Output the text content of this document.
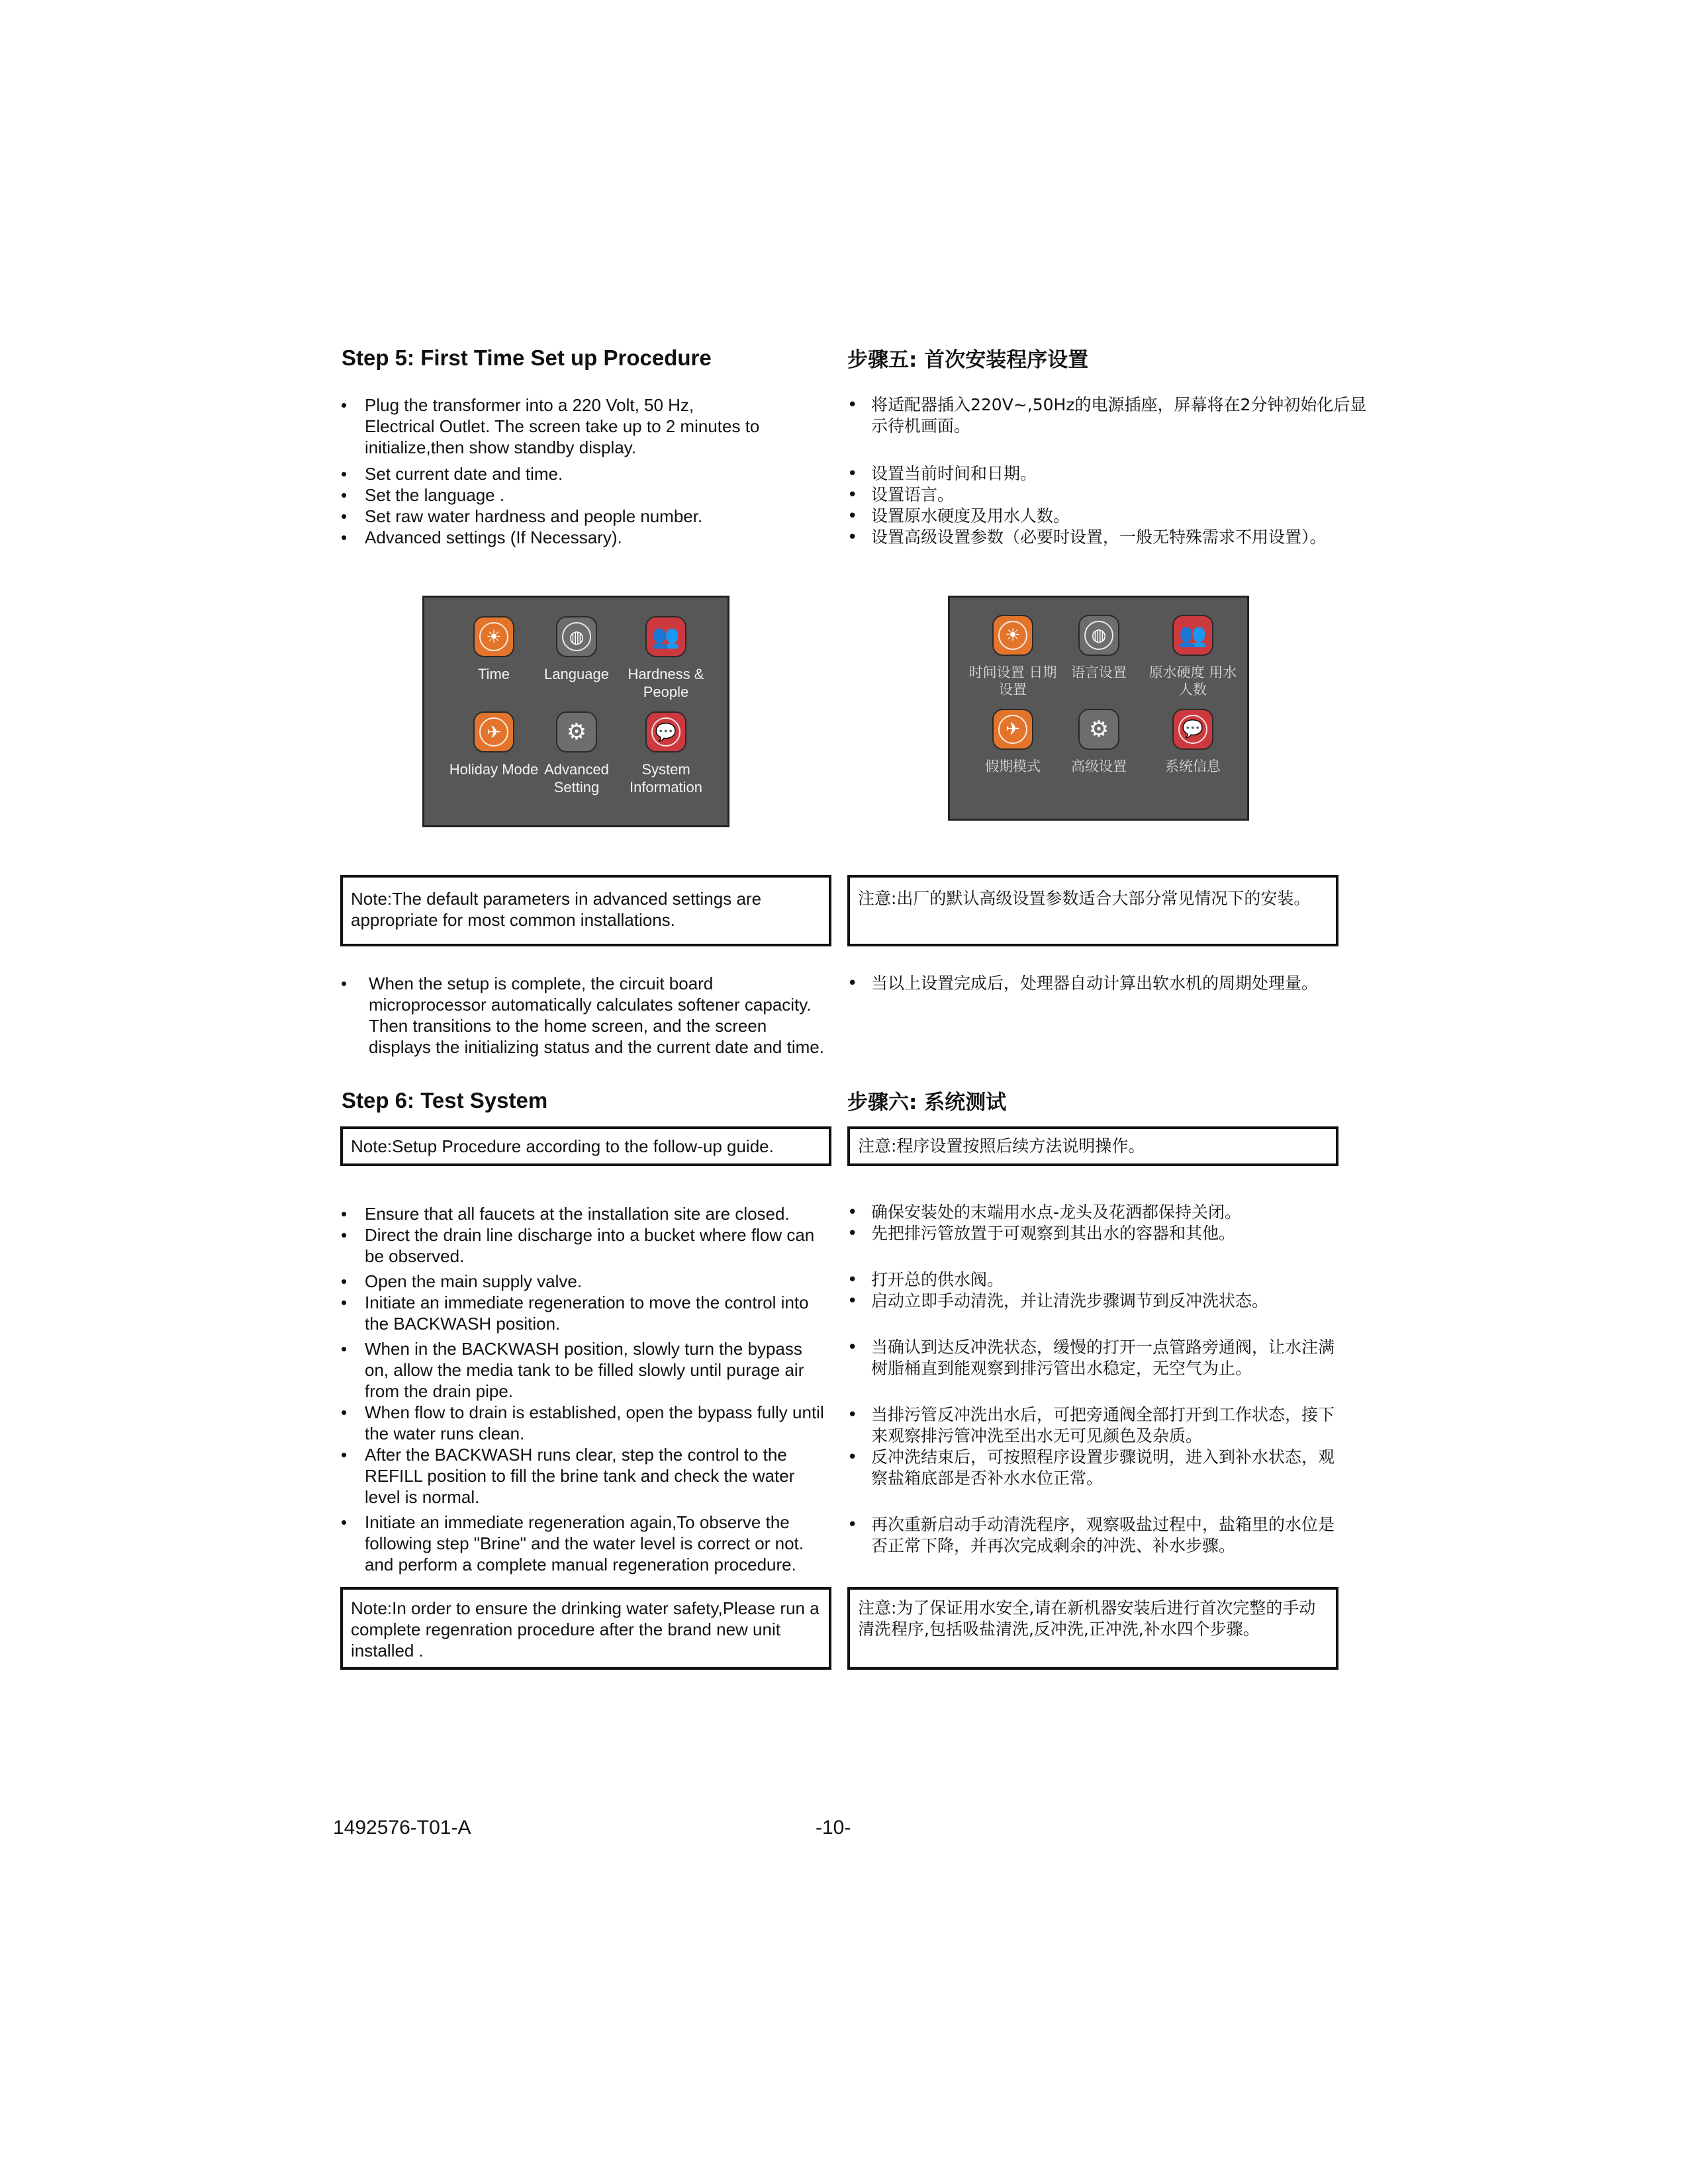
Step 5: First Time Set up Procedure	步骤五: 首次安装程序设置
• Plug the transformer into a 220 Volt, 50 Hz, Electrical Outlet. The screen take up to 2 minutes to initialize,then show standby display.
• Set current date and time.
• Set the language .
• Set raw water hardness and people number.
• Advanced settings (If Necessary).
• 将适配器插入220V~,50Hz的电源插座，屏幕将在2分钟初始化后显示待机画面。
• 设置当前时间和日期。
• 设置语言。
• 设置原水硬度及用水人数。
• 设置高级设置参数（必要时设置，一般无特殊需求不用设置）。
☀
Time
◍
Language
👥
Hardness & People
✈
Holiday Mode
⚙
Advanced Setting
💬
System Information
☀
时间设置 日期设置
◍
语言设置
👥
原水硬度 用水人数
✈
假期模式
⚙
高级设置
💬
系统信息
Note:The default parameters in advanced settings are appropriate for most common installations.
注意:出厂的默认高级设置参数适合大部分常见情况下的安装。
• When the setup is complete, the circuit board microprocessor automatically calculates softener capacity. Then transitions to the home screen, and the screen displays the initializing status and the current date and time.
• 当以上设置完成后，处理器自动计算出软水机的周期处理量。
Step 6: Test System	步骤六: 系统测试
Note:Setup Procedure according to the follow-up guide.	注意:程序设置按照后续方法说明操作。
• Ensure that all faucets at the installation site are closed.
• Direct the drain line discharge into a bucket where flow can be observed.
• Open the main supply valve.
• Initiate an immediate regeneration to move the control into the BACKWASH position.
• When in the BACKWASH position, slowly turn the bypass on, allow the media tank to be filled slowly until purage air from the drain pipe.
• When flow to drain is established, open the bypass fully until the water runs clean.
• After the BACKWASH runs clear, step the control to the REFILL position to fill the brine tank and check the water level is normal.
• Initiate an immediate regeneration again,To observe the following step "Brine" and the water level is correct or not. and perform a complete manual regeneration procedure.
• 确保安装处的末端用水点-龙头及花洒都保持关闭。
• 先把排污管放置于可观察到其出水的容器和其他。
• 打开总的供水阀。
• 启动立即手动清洗，并让清洗步骤调节到反冲洗状态。
• 当确认到达反冲洗状态，缓慢的打开一点管路旁通阀，让水注满树脂桶直到能观察到排污管出水稳定，无空气为止。
• 当排污管反冲洗出水后，可把旁通阀全部打开到工作状态，接下来观察排污管冲洗至出水无可见颜色及杂质。
• 反冲洗结束后，可按照程序设置步骤说明，进入到补水状态，观察盐箱底部是否补水水位正常。
• 再次重新启动手动清洗程序，观察吸盐过程中，盐箱里的水位是否正常下降，并再次完成剩余的冲洗、补水步骤。
Note:In order to ensure the drinking water safety,Please run a complete regenration procedure after the brand new unit installed .
注意:为了保证用水安全,请在新机器安装后进行首次完整的手动清洗程序,包括吸盐清洗,反冲洗,正冲洗,补水四个步骤。
1492576-T01-A	-10-
